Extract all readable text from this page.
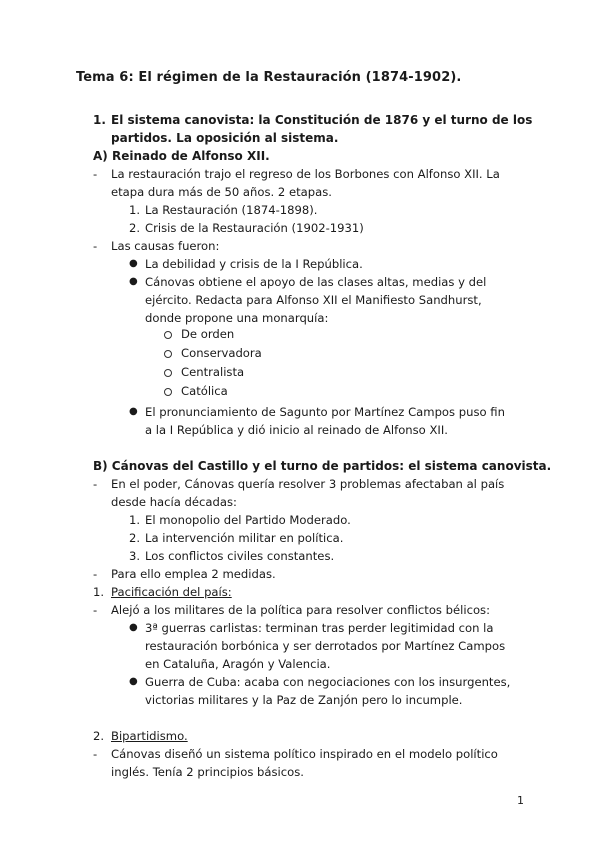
Tema 6: El régimen de la Restauración (1874-1902).
1. El sistema canovista: la Constitución de 1876 y el turno de los
partidos. La oposición al sistema.
A) Reinado de Alfonso XII.
- La restauración trajo el regreso de los Borbones con Alfonso XII. La
etapa dura más de 50 años. 2 etapas.
1. La Restauración (1874-1898).
2. Crisis de la Restauración (1902-1931)
- Las causas fueron:
● La debilidad y crisis de la I República.
● Cánovas obtiene el apoyo de las clases altas, medias y del
ejército. Redacta para Alfonso XII el Manifiesto Sandhurst,
donde propone una monarquía:
De orden
Conservadora
Centralista
Católica
● El pronunciamiento de Sagunto por Martínez Campos puso fin
a la I República y dió inicio al reinado de Alfonso XII.
B) Cánovas del Castillo y el turno de partidos: el sistema canovista.
- En el poder, Cánovas quería resolver 3 problemas afectaban al país
desde hacía décadas:
1. El monopolio del Partido Moderado.
2. La intervención militar en política.
3. Los conflictos civiles constantes.
- Para ello emplea 2 medidas.
1. Pacificación del país:
- Alejó a los militares de la política para resolver conflictos bélicos:
● 3ª guerras carlistas: terminan tras perder legitimidad con la
restauración borbónica y ser derrotados por Martínez Campos
en Cataluña, Aragón y Valencia.
● Guerra de Cuba: acaba con negociaciones con los insurgentes,
victorias militares y la Paz de Zanjón pero lo incumple.
2. Bipartidismo.
- Cánovas diseñó un sistema político inspirado en el modelo político
inglés. Tenía 2 principios básicos.
1
